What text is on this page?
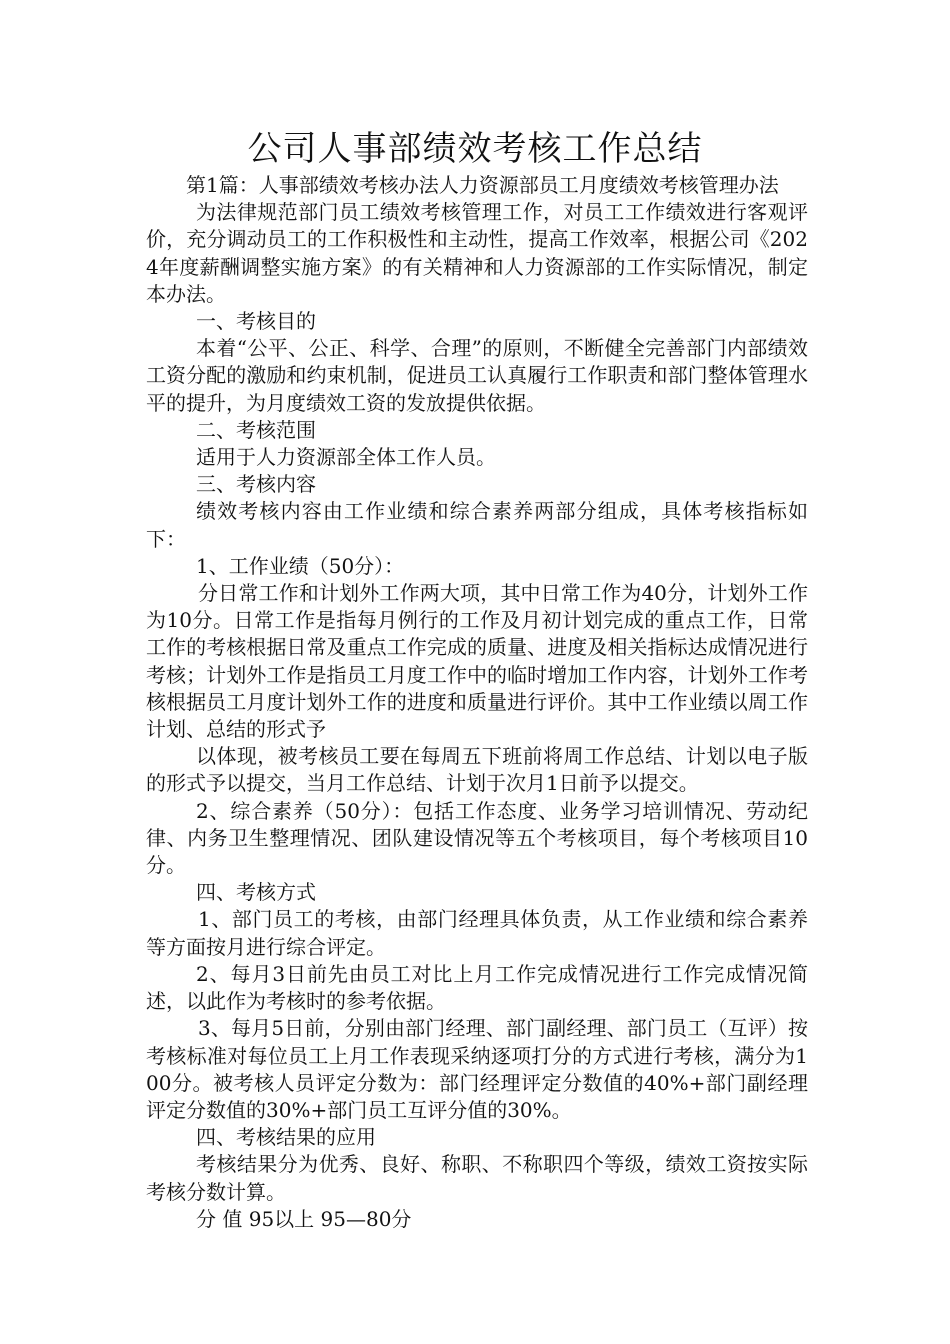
公司人事部绩效考核工作总结

第1篇：人事部绩效考核办法人力资源部员工月度绩效考核管理办法

为法律规范部门员工绩效考核管理工作，对员工工作绩效进行客观评价，充分调动员工的工作积极性和主动性，提高工作效率，根据公司《2024年度薪酬调整实施方案》的有关精神和人力资源部的工作实际情况，制定本办法。

一、考核目的

本着“公平、公正、科学、合理”的原则，不断健全完善部门内部绩效工资分配的激励和约束机制，促进员工认真履行工作职责和部门整体管理水平的提升，为月度绩效工资的发放提供依据。

二、考核范围

适用于人力资源部全体工作人员。

三、考核内容

绩效考核内容由工作业绩和综合素养两部分组成，具体考核指标如下：

1、工作业绩（50分）：

分日常工作和计划外工作两大项，其中日常工作为40分，计划外工作为10分。日常工作是指每月例行的工作及月初计划完成的重点工作，日常工作的考核根据日常及重点工作完成的质量、进度及相关指标达成情况进行考核；计划外工作是指员工月度工作中的临时增加工作内容，计划外工作考核根据员工月度计划外工作的进度和质量进行评价。其中工作业绩以周工作计划、总结的形式予

以体现，被考核员工要在每周五下班前将周工作总结、计划以电子版的形式予以提交，当月工作总结、计划于次月1日前予以提交。

2、综合素养（50分）：包括工作态度、业务学习培训情况、劳动纪律、内务卫生整理情况、团队建设情况等五个考核项目，每个考核项目10分。

四、考核方式

1、部门员工的考核，由部门经理具体负责，从工作业绩和综合素养等方面按月进行综合评定。

2、每月3日前先由员工对比上月工作完成情况进行工作完成情况简述，以此作为考核时的参考依据。

3、每月5日前，分别由部门经理、部门副经理、部门员工（互评）按考核标准对每位员工上月工作表现采纳逐项打分的方式进行考核，满分为100分。被考核人员评定分数为：部门经理评定分数值的40%+部门副经理评定分数值的30%+部门员工互评分值的30%。

四、考核结果的应用

考核结果分为优秀、良好、称职、不称职四个等级，绩效工资按实际考核分数计算。

分 值 95以上 95—80分
